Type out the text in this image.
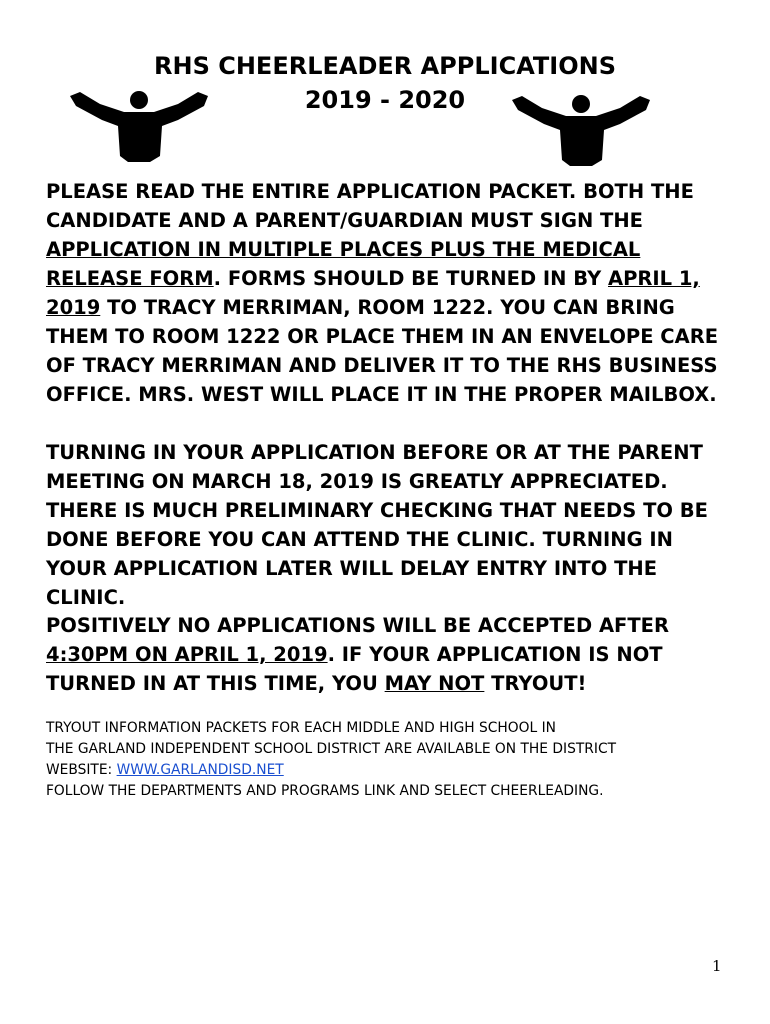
RHS CHEERLEADER APPLICATIONS
2019 - 2020
PLEASE READ THE ENTIRE APPLICATION PACKET. BOTH THE
CANDIDATE AND A PARENT/GUARDIAN MUST SIGN THE
APPLICATION IN MULTIPLE PLACES PLUS THE MEDICAL
RELEASE FORM. FORMS SHOULD BE TURNED IN BY APRIL 1,
2019 TO TRACY MERRIMAN, ROOM 1222. YOU CAN BRING
THEM TO ROOM 1222 OR PLACE THEM IN AN ENVELOPE CARE
OF TRACY MERRIMAN AND DELIVER IT TO THE RHS BUSINESS
OFFICE. MRS. WEST WILL PLACE IT IN THE PROPER MAILBOX.
TURNING IN YOUR APPLICATION BEFORE OR AT THE PARENT
MEETING ON MARCH 18, 2019 IS GREATLY APPRECIATED.
THERE IS MUCH PRELIMINARY CHECKING THAT NEEDS TO BE
DONE BEFORE YOU CAN ATTEND THE CLINIC. TURNING IN
YOUR APPLICATION LATER WILL DELAY ENTRY INTO THE
CLINIC.
POSITIVELY NO APPLICATIONS WILL BE ACCEPTED AFTER
4:30PM ON APRIL 1, 2019. IF YOUR APPLICATION IS NOT
TURNED IN AT THIS TIME, YOU MAY NOT TRYOUT!
TRYOUT INFORMATION PACKETS FOR EACH MIDDLE AND HIGH SCHOOL IN
THE GARLAND INDEPENDENT SCHOOL DISTRICT ARE AVAILABLE ON THE DISTRICT
WEBSITE: WWW.GARLANDISD.NET
FOLLOW THE DEPARTMENTS AND PROGRAMS LINK AND SELECT CHEERLEADING.
1
